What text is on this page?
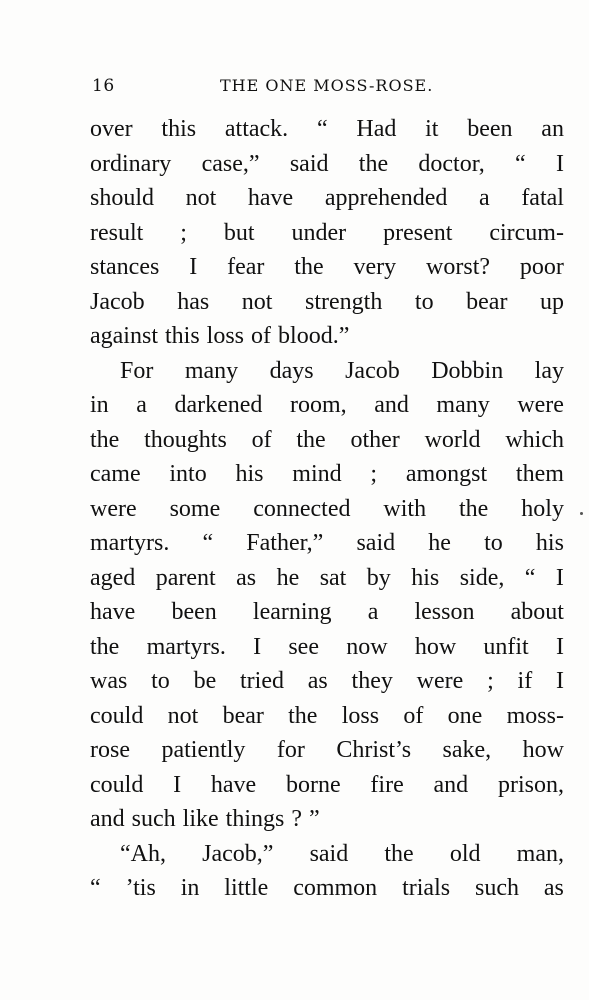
16	THE ONE MOSS-ROSE.
over this attack. “ Had it been an
ordinary case,” said the doctor, “ I
should not have apprehended a fatal
result ; but under present circum-
stances I fear the very worst? poor
Jacob has not strength to bear up
against this loss of blood.”
For many days Jacob Dobbin lay
in a darkened room, and many were
the thoughts of the other world which
came into his mind ; amongst them
were some connected with the holy
martyrs. “ Father,” said he to his
aged parent as he sat by his side, “ I
have been learning a lesson about
the martyrs. I see now how unfit I
was to be tried as they were ; if I
could not bear the loss of one moss-
rose patiently for Christ’s sake, how
could I have borne fire and prison,
and such like things ? ”
“Ah, Jacob,” said the old man,
“ ’tis in little common trials such as
